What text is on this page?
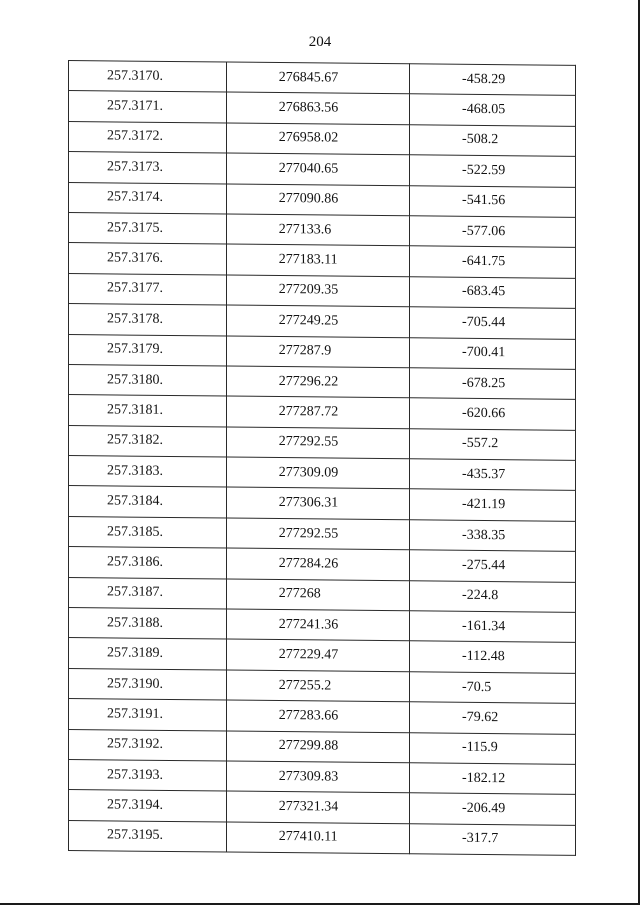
204
257.3170.	276845.67	-458.29
257.3171.	276863.56	-468.05
257.3172.	276958.02	-508.2
257.3173.	277040.65	-522.59
257.3174.	277090.86	-541.56
257.3175.	277133.6	-577.06
257.3176.	277183.11	-641.75
257.3177.	277209.35	-683.45
257.3178.	277249.25	-705.44
257.3179.	277287.9	-700.41
257.3180.	277296.22	-678.25
257.3181.	277287.72	-620.66
257.3182.	277292.55	-557.2
257.3183.	277309.09	-435.37
257.3184.	277306.31	-421.19
257.3185.	277292.55	-338.35
257.3186.	277284.26	-275.44
257.3187.	277268	-224.8
257.3188.	277241.36	-161.34
257.3189.	277229.47	-112.48
257.3190.	277255.2	-70.5
257.3191.	277283.66	-79.62
257.3192.	277299.88	-115.9
257.3193.	277309.83	-182.12
257.3194.	277321.34	-206.49
257.3195.	277410.11	-317.7
